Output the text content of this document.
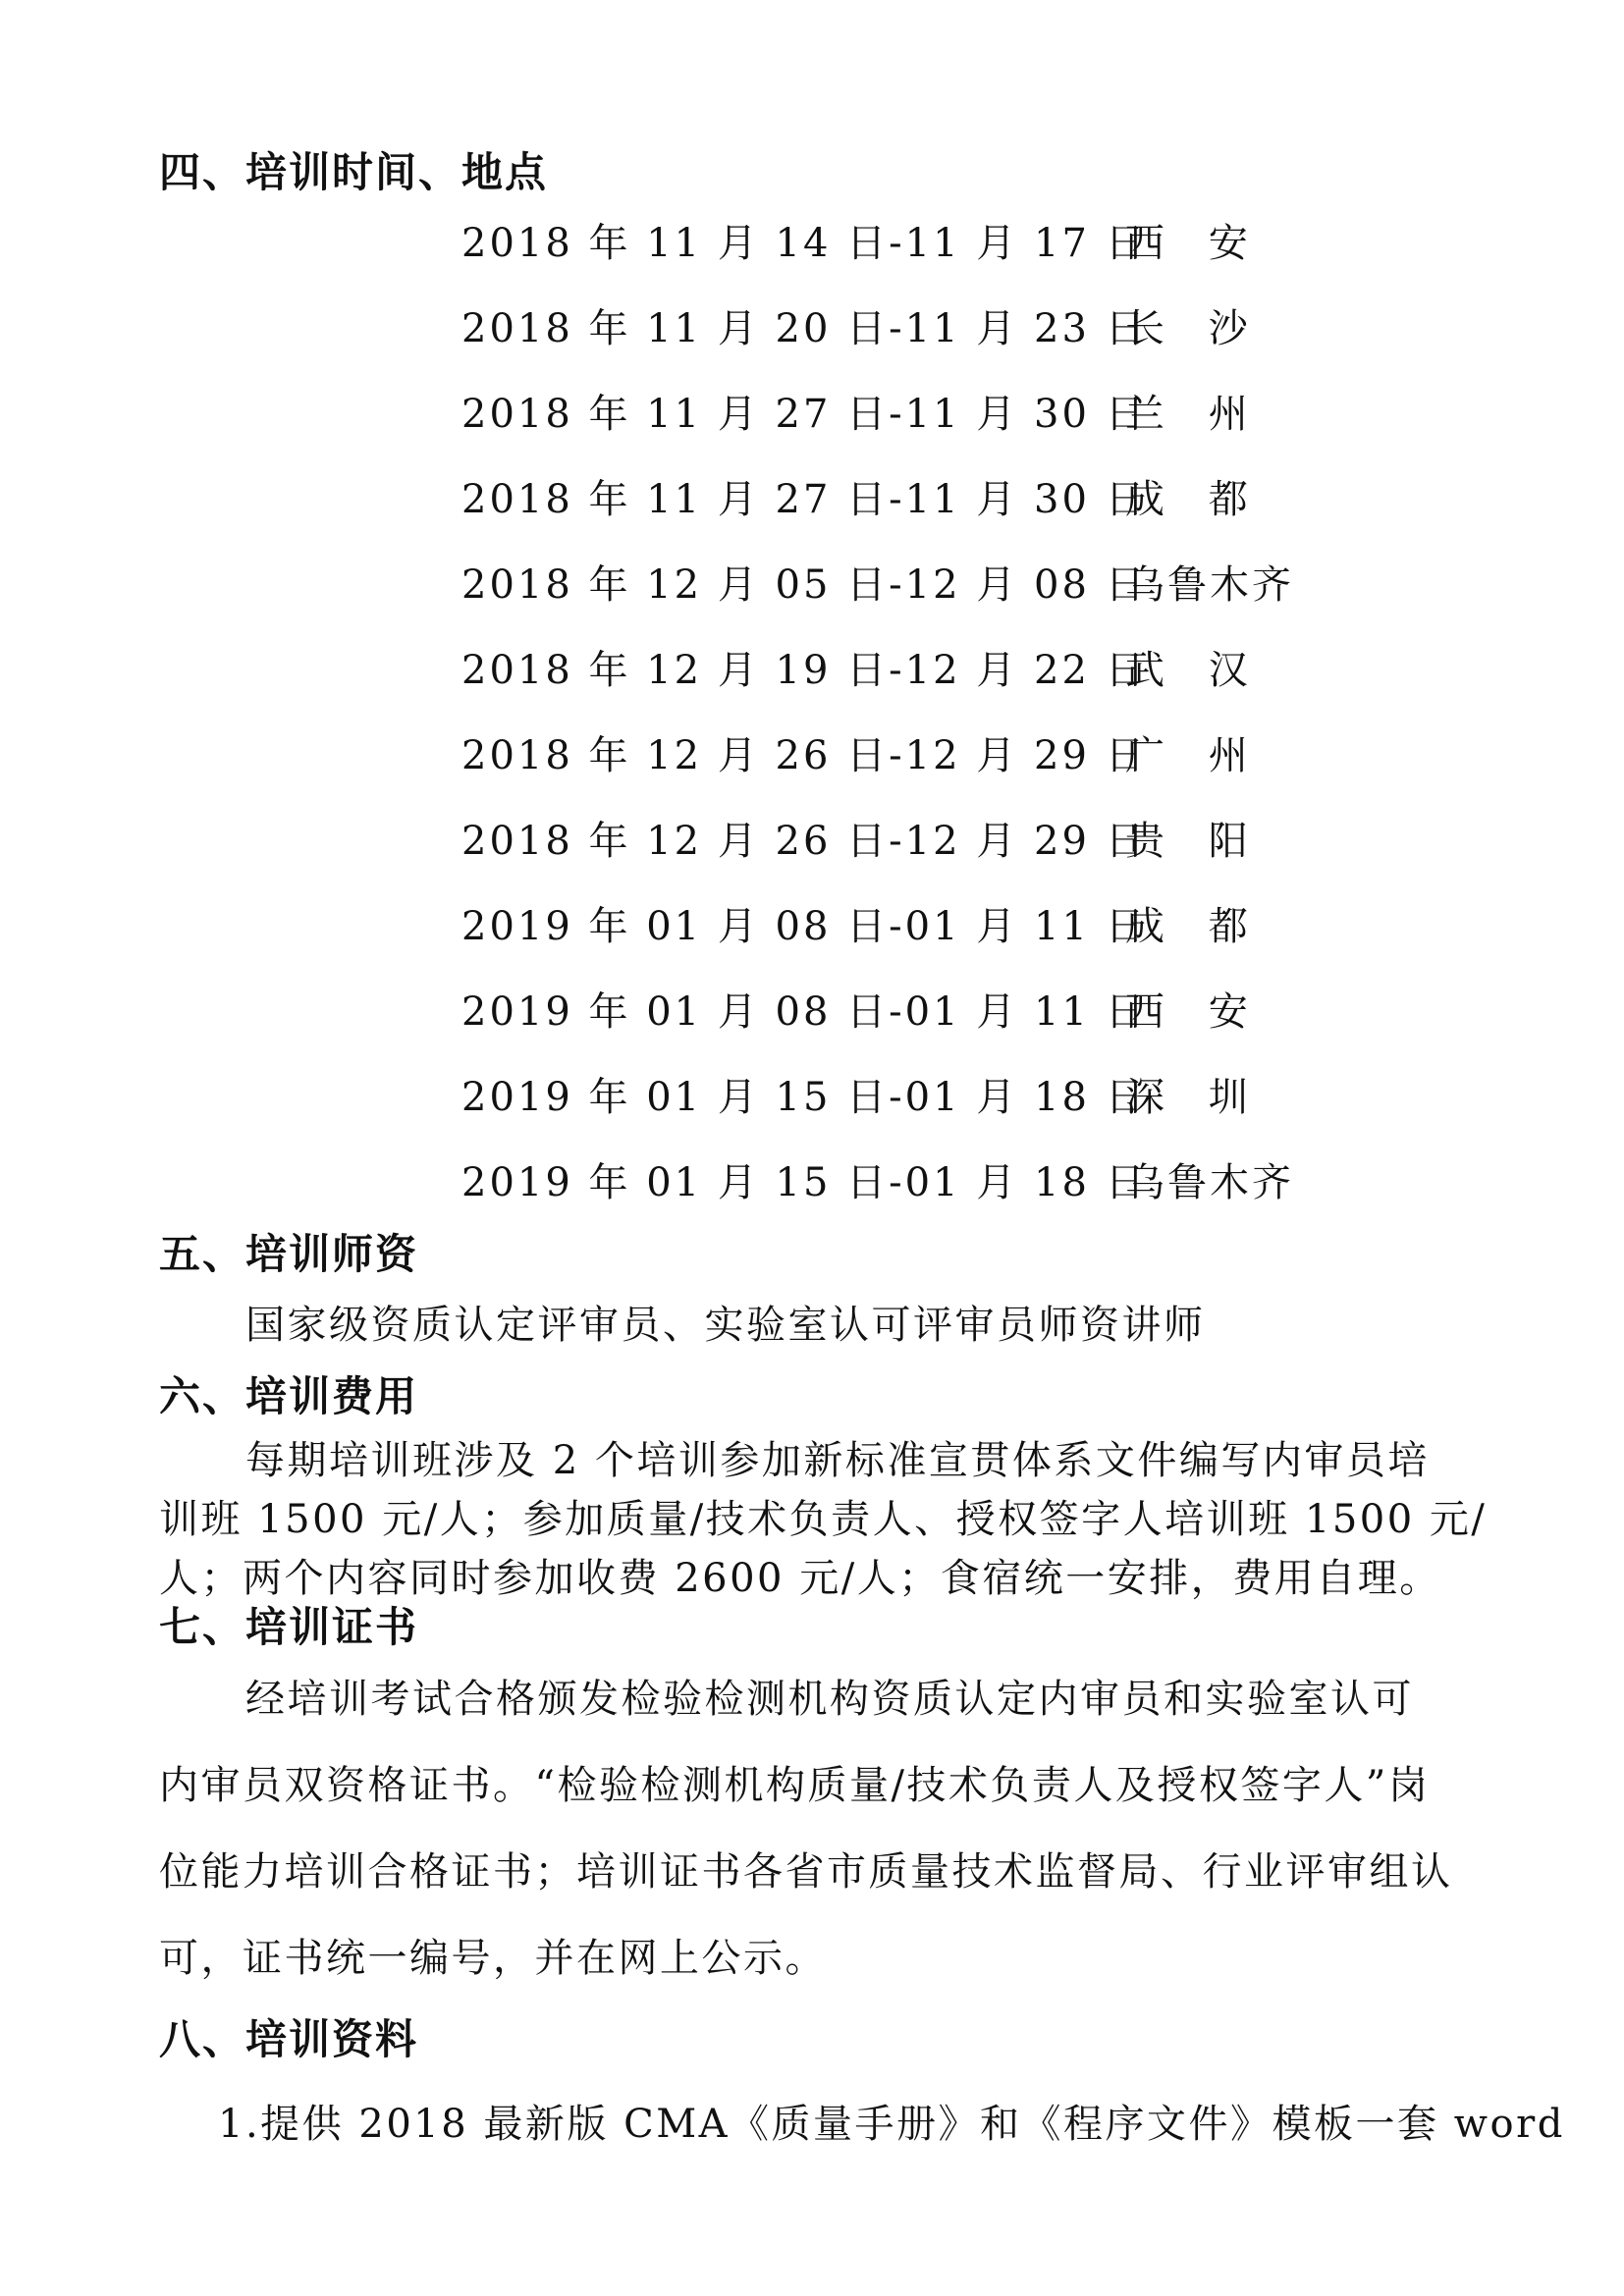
四、培训时间、地点
2018 年 11 月 14 日-11 月 17 日
西 安
2018 年 11 月 20 日-11 月 23 日
长 沙
2018 年 11 月 27 日-11 月 30 日
兰 州
2018 年 11 月 27 日-11 月 30 日
成 都
2018 年 12 月 05 日-12 月 08 日
乌鲁木齐
2018 年 12 月 19 日-12 月 22 日
武 汉
2018 年 12 月 26 日-12 月 29 日
广 州
2018 年 12 月 26 日-12 月 29 日
贵 阳
2019 年 01 月 08 日-01 月 11 日
成 都
2019 年 01 月 08 日-01 月 11 日
西 安
2019 年 01 月 15 日-01 月 18 日
深 圳
2019 年 01 月 15 日-01 月 18 日
乌鲁木齐
五、培训师资
国家级资质认定评审员、实验室认可评审员师资讲师
六、培训费用
每期培训班涉及 2 个培训参加新标准宣贯体系文件编写内审员培
训班 1500 元/人；参加质量/技术负责人、授权签字人培训班 1500 元/
人；两个内容同时参加收费 2600 元/人；食宿统一安排，费用自理。
七、培训证书
经培训考试合格颁发检验检测机构资质认定内审员和实验室认可
内审员双资格证书。“检验检测机构质量/技术负责人及授权签字人”岗
位能力培训合格证书；培训证书各省市质量技术监督局、行业评审组认
可，证书统一编号，并在网上公示。
八、培训资料
1.提供 2018 最新版 CMA《质量手册》和《程序文件》模板一套 word
